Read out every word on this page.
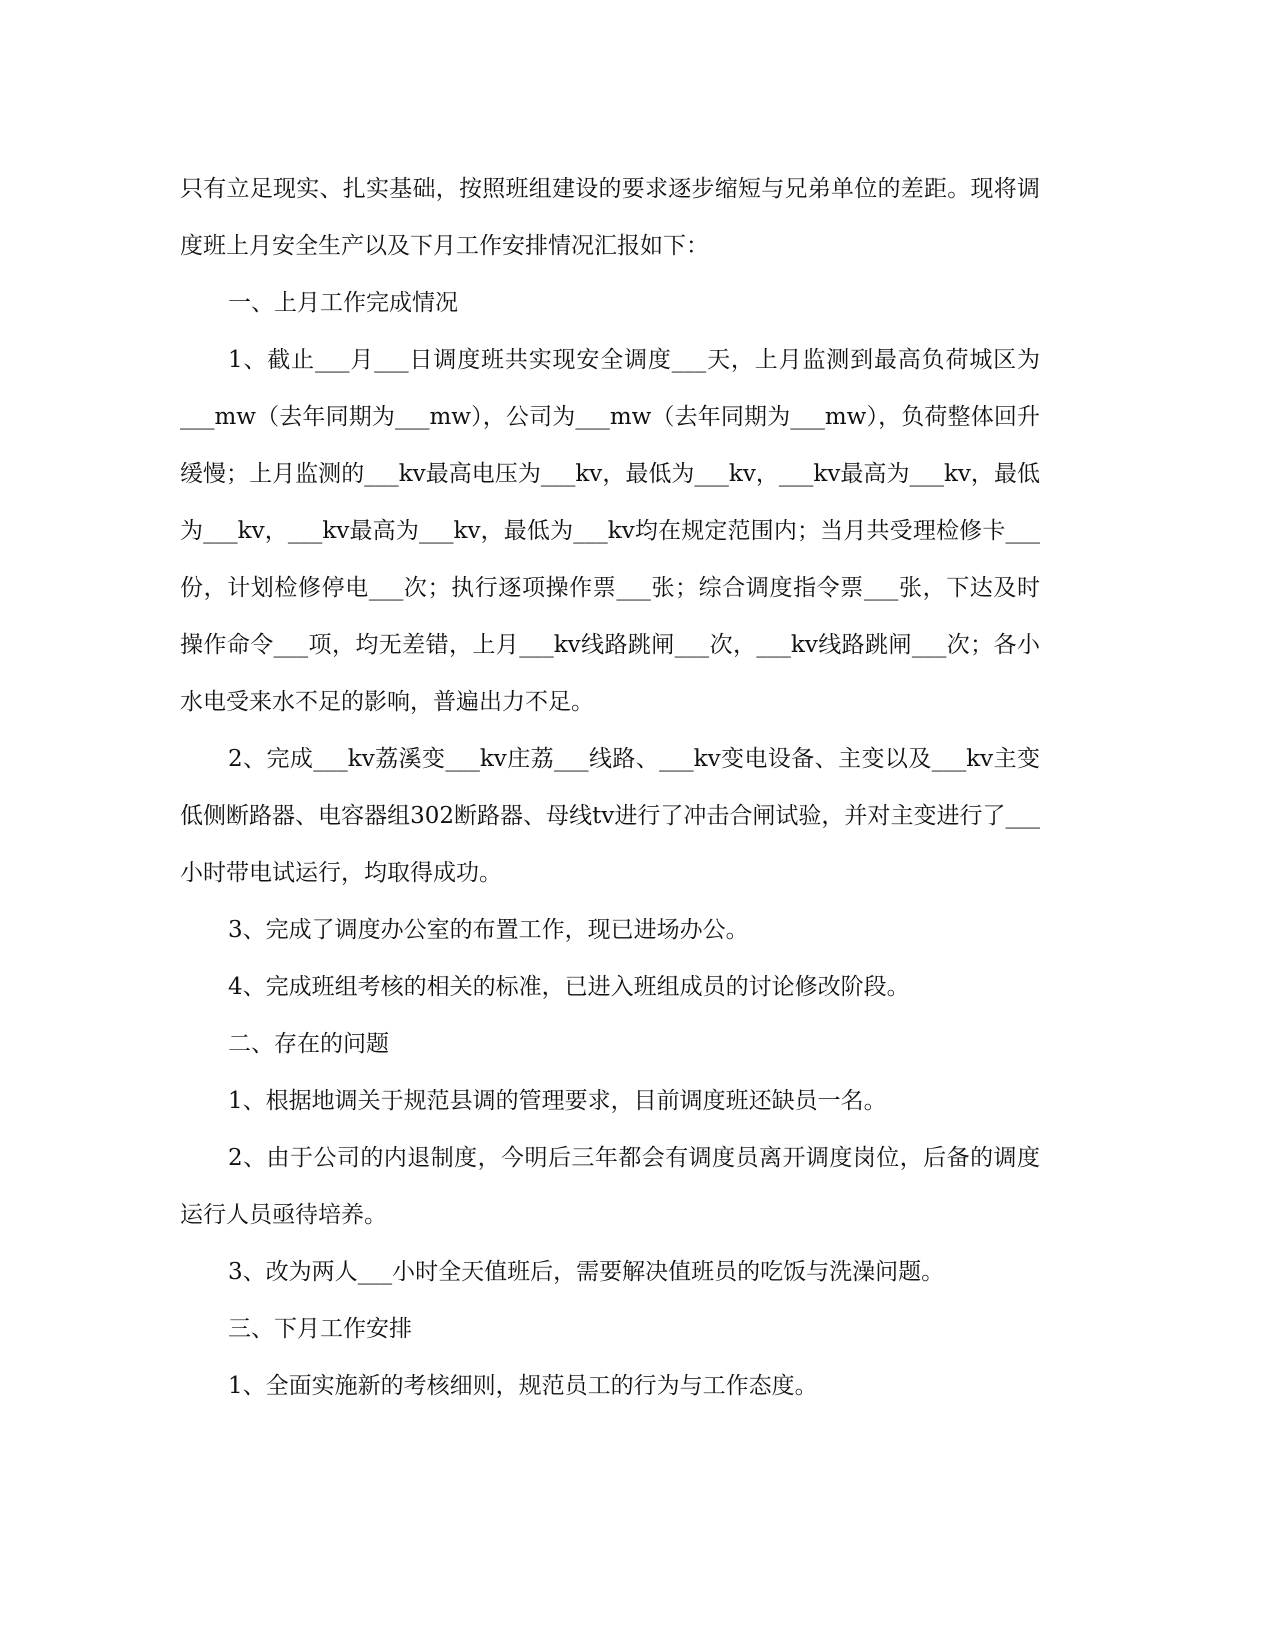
只有立足现实、扎实基础，按照班组建设的要求逐步缩短与兄弟单位的差距。现将调度班上月安全生产以及下月工作安排情况汇报如下：

一、上月工作完成情况

1、截止___月___日调度班共实现安全调度___天，上月监测到最高负荷城区为___mw（去年同期为___mw），公司为___mw（去年同期为___mw），负荷整体回升缓慢；上月监测的___kv最高电压为___kv，最低为___kv，___kv最高为___kv，最低为___kv，___kv最高为___kv，最低为___kv均在规定范围内；当月共受理检修卡___份，计划检修停电___次；执行逐项操作票___张；综合调度指令票___张，下达及时操作命令___项，均无差错，上月___kv线路跳闸___次，___kv线路跳闸___次；各小水电受来水不足的影响，普遍出力不足。

2、完成___kv荔溪变___kv庄荔___线路、___kv变电设备、主变以及___kv主变低侧断路器、电容器组302断路器、母线tv进行了冲击合闸试验，并对主变进行了___小时带电试运行，均取得成功。

3、完成了调度办公室的布置工作，现已进场办公。

4、完成班组考核的相关的标准，已进入班组成员的讨论修改阶段。

二、存在的问题

1、根据地调关于规范县调的管理要求，目前调度班还缺员一名。

2、由于公司的内退制度，今明后三年都会有调度员离开调度岗位，后备的调度运行人员亟待培养。

3、改为两人___小时全天值班后，需要解决值班员的吃饭与洗澡问题。

三、下月工作安排

1、全面实施新的考核细则，规范员工的行为与工作态度。
